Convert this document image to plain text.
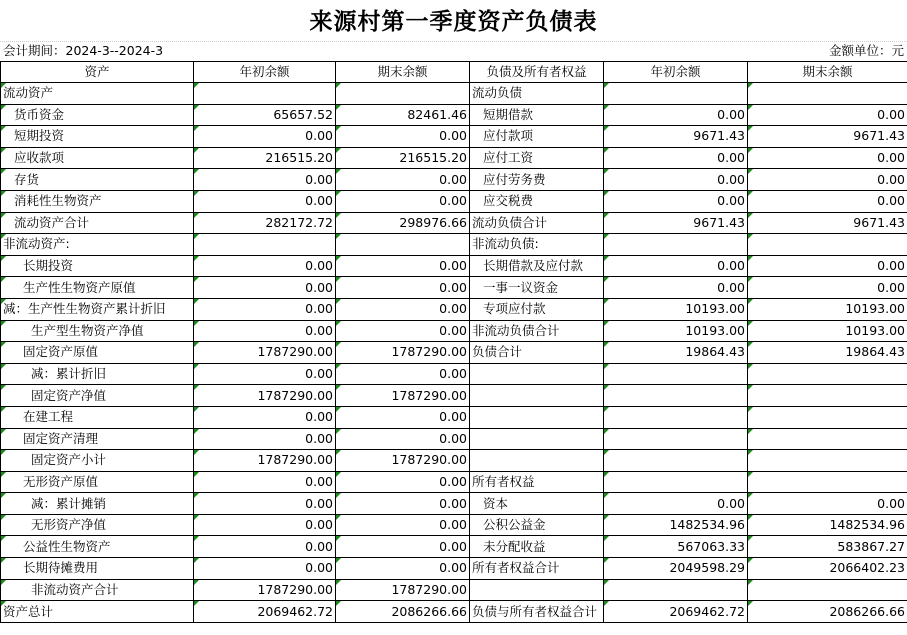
来源村第一季度资产负债表
会计期间：2024-3--2024-3	金额单位：元
资产	年初余额	期末余额	负债及所有者权益	年初余额	期末余额
流动资产			流动负债		
货币资金	65657.52	82461.46	短期借款	0.00	0.00
短期投资	0.00	0.00	应付款项	9671.43	9671.43
应收款项	216515.20	216515.20	应付工资	0.00	0.00
存货	0.00	0.00	应付劳务费	0.00	0.00
消耗性生物资产	0.00	0.00	应交税费	0.00	0.00
流动资产合计	282172.72	298976.66	流动负债合计	9671.43	9671.43
非流动资产:			非流动负债:		
长期投资	0.00	0.00	长期借款及应付款	0.00	0.00
生产性生物资产原值	0.00	0.00	一事一议资金	0.00	0.00
减：生产性生物资产累计折旧	0.00	0.00	专项应付款	10193.00	10193.00
生产型生物资产净值	0.00	0.00	非流动负债合计	10193.00	10193.00
固定资产原值	1787290.00	1787290.00	负债合计	19864.43	19864.43
减：累计折旧	0.00	0.00			
固定资产净值	1787290.00	1787290.00			
在建工程	0.00	0.00			
固定资产清理	0.00	0.00			
固定资产小计	1787290.00	1787290.00			
无形资产原值	0.00	0.00	所有者权益		
减：累计摊销	0.00	0.00	资本	0.00	0.00
无形资产净值	0.00	0.00	公积公益金	1482534.96	1482534.96
公益性生物资产	0.00	0.00	未分配收益	567063.33	583867.27
长期待摊费用	0.00	0.00	所有者权益合计	2049598.29	2066402.23
非流动资产合计	1787290.00	1787290.00			
资产总计	2069462.72	2086266.66	负债与所有者权益合计	2069462.72	2086266.66
